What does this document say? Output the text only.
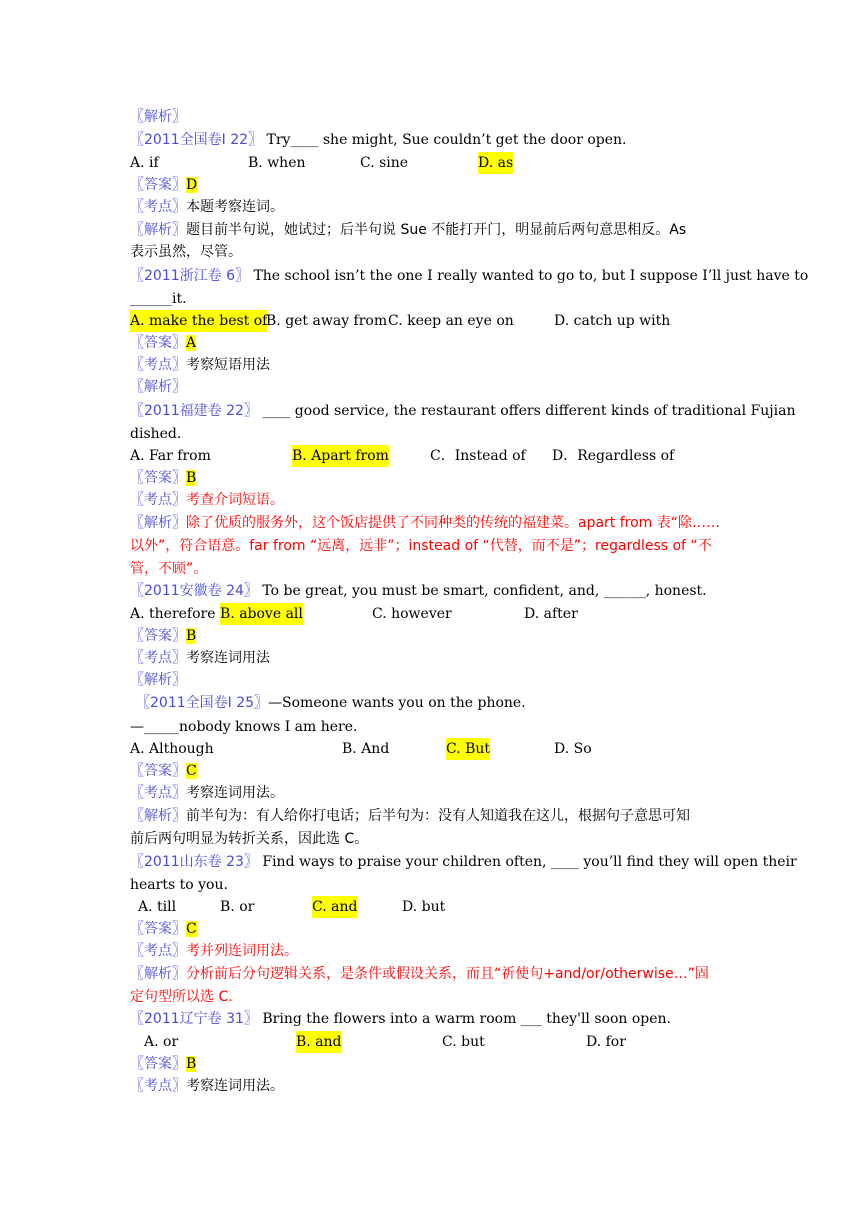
〖解析〗
〖2011全国卷I 22〗 Try____ she might, Sue couldn’t get the door open.
A. if	B. when	C. sine	D. as
〖答案〗D
〖考点〗本题考察连词。
〖解析〗题目前半句说，她试过；后半句说 Sue 不能打开门，明显前后两句意思相反。As
表示虽然，尽管。
〖2011浙江卷 6〗 The school isn’t the one I really wanted to go to, but I suppose I’ll just have to
______it.
A. make the best of
B. get away from C. keep an eye on	D. catch up with
〖答案〗A
〖考点〗考察短语用法
〖解析〗
〖2011福建卷 22〗 ____ good service, the restaurant offers different kinds of traditional Fujian
dished.
A. Far from	B. Apart from	C．Instead of D．Regardless of
〖答案〗B
〖考点〗考查介词短语。
〖解析〗除了优质的服务外，这个饭店提供了不同种类的传统的福建菜。apart from 表“除……
以外”，符合语意。far from “远离，远非”；instead of “代替，而不是”；regardless of “不
管，不顾”。
〖2011安徽卷 24〗 To be great, you must be smart, confident, and, ______, honest.
A. therefore B. above all	C. however	D. after
〖答案〗B
〖考点〗考察连词用法
〖解析〗
〖2011全国卷I 25〗—Someone wants you on the phone.
—_____nobody knows I am here.
A. Although	B. And	C. But	D. So
〖答案〗C
〖考点〗考察连词用法。
〖解析〗前半句为：有人给你打电话；后半句为：没有人知道我在这儿，根据句子意思可知
前后两句明显为转折关系，因此选 C。
〖2011山东卷 23〗 Find ways to praise your children often, ____ you’ll find they will open their
hearts to you.
A. till	B. or	C. and	D. but
〖答案〗C
〖考点〗考并列连词用法。
〖解析〗分析前后分句逻辑关系，是条件或假设关系，而且“祈使句+and/or/otherwise…”固
定句型所以选 C.
〖2011辽宁卷 31〗 Bring the flowers into a warm room ___ they'll soon open.
A. or	B. and	C. but	D. for
〖答案〗B
〖考点〗考察连词用法。
